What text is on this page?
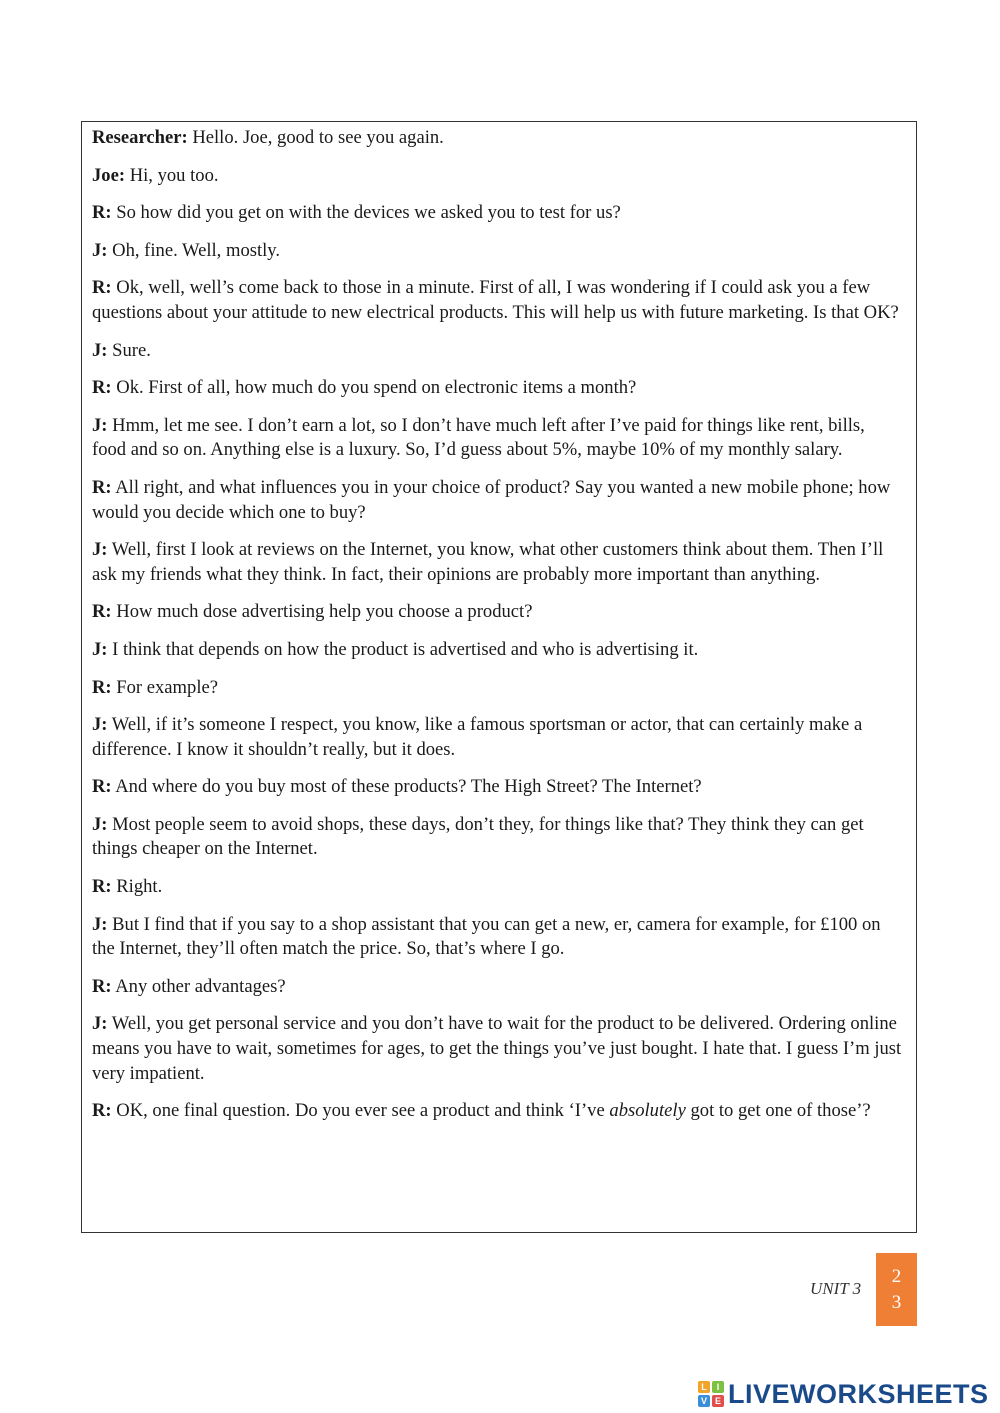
Researcher: Hello. Joe, good to see you again.

Joe: Hi, you too.

R: So how did you get on with the devices we asked you to test for us?

J: Oh, fine. Well, mostly.

R: Ok, well, well’s come back to those in a minute. First of all, I was wondering if I could ask you a few questions about your attitude to new electrical products. This will help us with future marketing. Is that OK?

J: Sure.

R: Ok. First of all, how much do you spend on electronic items a month?

J: Hmm, let me see. I don’t earn a lot, so I don’t have much left after I’ve paid for things like rent, bills, food and so on. Anything else is a luxury. So, I’d guess about 5%, maybe 10% of my monthly salary.

R: All right, and what influences you in your choice of product? Say you wanted a new mobile phone; how would you decide which one to buy?

J: Well, first I look at reviews on the Internet, you know, what other customers think about them. Then I’ll ask my friends what they think. In fact, their opinions are probably more important than anything.

R: How much dose advertising help you choose a product?

J: I think that depends on how the product is advertised and who is advertising it.

R: For example?

J: Well, if it’s someone I respect, you know, like a famous sportsman or actor, that can certainly make a difference. I know it shouldn’t really, but it does.

R: And where do you buy most of these products? The High Street? The Internet?

J: Most people seem to avoid shops, these days, don’t they, for things like that? They think they can get things cheaper on the Internet.

R: Right.

J: But I find that if you say to a shop assistant that you can get a new, er, camera for example, for £100 on the Internet, they’ll often match the price. So, that’s where I go.

R: Any other advantages?

J: Well, you get personal service and you don’t have to wait for the product to be delivered. Ordering online means you have to wait, sometimes for ages, to get the things you’ve just bought. I hate that. I guess I’m just very impatient.

R: OK, one final question. Do you ever see a product and think ‘I’ve absolutely got to get one of those’?

UNIT 3
2
3
L	I
V E LIVEWORKSHEETS
